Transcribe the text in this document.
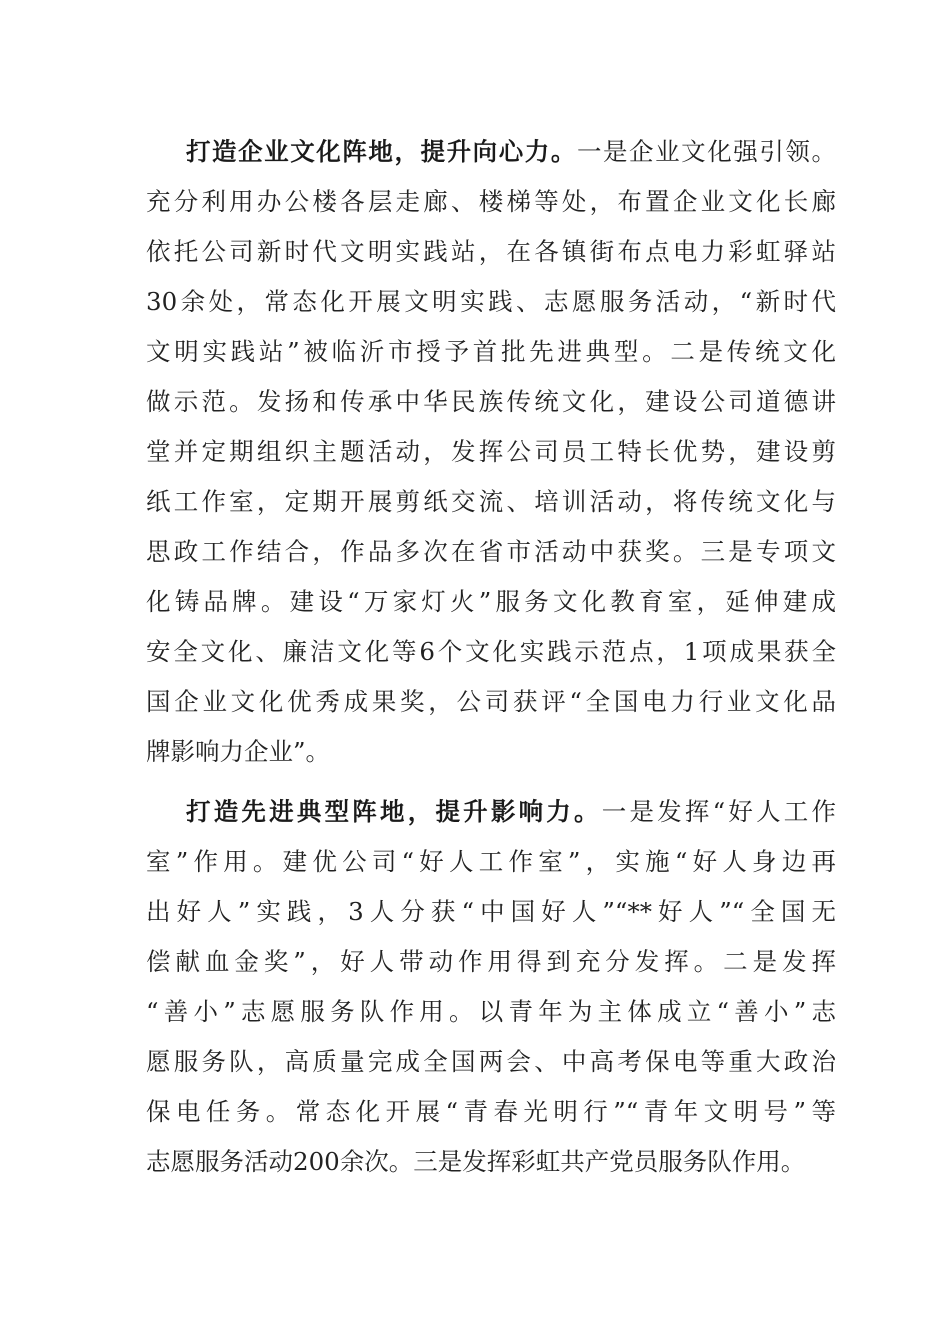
打造企业文化阵地，提升向心力。一是企业文化强引领。
充分利用办公楼各层走廊、楼梯等处，布置企业文化长廊
依托公司新时代文明实践站，在各镇街布点电力彩虹驿站
30余处，常态化开展文明实践、志愿服务活动，“新时代
文明实践站”被临沂市授予首批先进典型。二是传统文化
做示范。发扬和传承中华民族传统文化，建设公司道德讲
堂并定期组织主题活动，发挥公司员工特长优势，建设剪
纸工作室，定期开展剪纸交流、培训活动，将传统文化与
思政工作结合，作品多次在省市活动中获奖。三是专项文
化铸品牌。建设“万家灯火”服务文化教育室，延伸建成
安全文化、廉洁文化等6个文化实践示范点，1项成果获全
国企业文化优秀成果奖，公司获评“全国电力行业文化品
牌影响力企业”。
打造先进典型阵地，提升影响力。一是发挥“好人工作
室”作用。建优公司“好人工作室”，实施“好人身边再
出好人”实践，3人分获“中国好人”“**好人”“全国无
偿献血金奖”，好人带动作用得到充分发挥。二是发挥
“善小”志愿服务队作用。以青年为主体成立“善小”志
愿服务队，高质量完成全国两会、中高考保电等重大政治
保电任务。常态化开展“青春光明行”“青年文明号”等
志愿服务活动200余次。三是发挥彩虹共产党员服务队作用。
